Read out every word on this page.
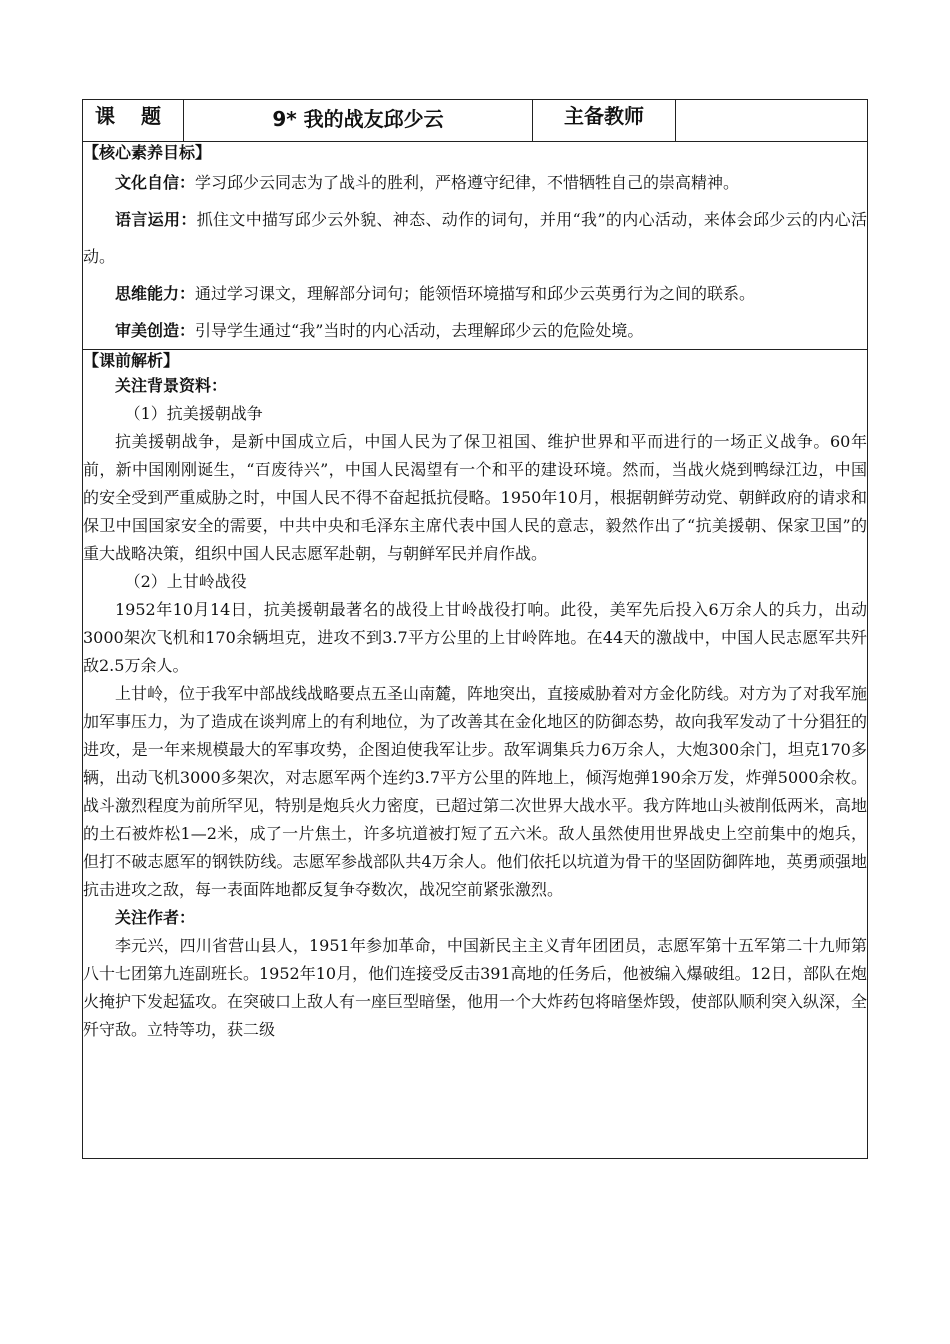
课 题	9* 我的战友邱少云	主备教师	

【核心素养目标】

文化自信：学习邱少云同志为了战斗的胜利，严格遵守纪律，不惜牺牲自己的崇高精神。

语言运用：抓住文中描写邱少云外貌、神态、动作的词句，并用“我”的内心活动，来体会邱少云的内心活动。

思维能力：通过学习课文，理解部分词句；能领悟环境描写和邱少云英勇行为之间的联系。

审美创造：引导学生通过“我”当时的内心活动，去理解邱少云的危险处境。

【课前解析】

关注背景资料：

（1）抗美援朝战争

抗美援朝战争，是新中国成立后，中国人民为了保卫祖国、维护世界和平而进行的一场正义战争。60年前，新中国刚刚诞生，“百废待兴”，中国人民渴望有一个和平的建设环境。然而，当战火烧到鸭绿江边，中国的安全受到严重威胁之时，中国人民不得不奋起抵抗侵略。1950年10月，根据朝鲜劳动党、朝鲜政府的请求和保卫中国国家安全的需要，中共中央和毛泽东主席代表中国人民的意志，毅然作出了“抗美援朝、保家卫国”的重大战略决策，组织中国人民志愿军赴朝，与朝鲜军民并肩作战。

（2）上甘岭战役

1952年10月14日，抗美援朝最著名的战役上甘岭战役打响。此役，美军先后投入6万余人的兵力，出动3000架次飞机和170余辆坦克，进攻不到3.7平方公里的上甘岭阵地。在44天的激战中，中国人民志愿军共歼敌2.5万余人。

上甘岭，位于我军中部战线战略要点五圣山南麓，阵地突出，直接威胁着对方金化防线。对方为了对我军施加军事压力，为了造成在谈判席上的有利地位，为了改善其在金化地区的防御态势，故向我军发动了十分猖狂的进攻，是一年来规模最大的军事攻势，企图迫使我军让步。敌军调集兵力6万余人，大炮300余门，坦克170多辆，出动飞机3000多架次，对志愿军两个连约3.7平方公里的阵地上，倾泻炮弹190余万发，炸弹5000余枚。战斗激烈程度为前所罕见，特别是炮兵火力密度，已超过第二次世界大战水平。我方阵地山头被削低两米，高地的土石被炸松1—2米，成了一片焦土，许多坑道被打短了五六米。敌人虽然使用世界战史上空前集中的炮兵，但打不破志愿军的钢铁防线。志愿军参战部队共4万余人。他们依托以坑道为骨干的坚固防御阵地，英勇顽强地抗击进攻之敌，每一表面阵地都反复争夺数次，战况空前紧张激烈。

关注作者：

李元兴，四川省营山县人，1951年参加革命，中国新民主主义青年团团员，志愿军第十五军第二十九师第八十七团第九连副班长。1952年10月，他们连接受反击391高地的任务后，他被编入爆破组。12日，部队在炮火掩护下发起猛攻。在突破口上敌人有一座巨型暗堡，他用一个大炸药包将暗堡炸毁，使部队顺利突入纵深，全歼守敌。立特等功，获二级
